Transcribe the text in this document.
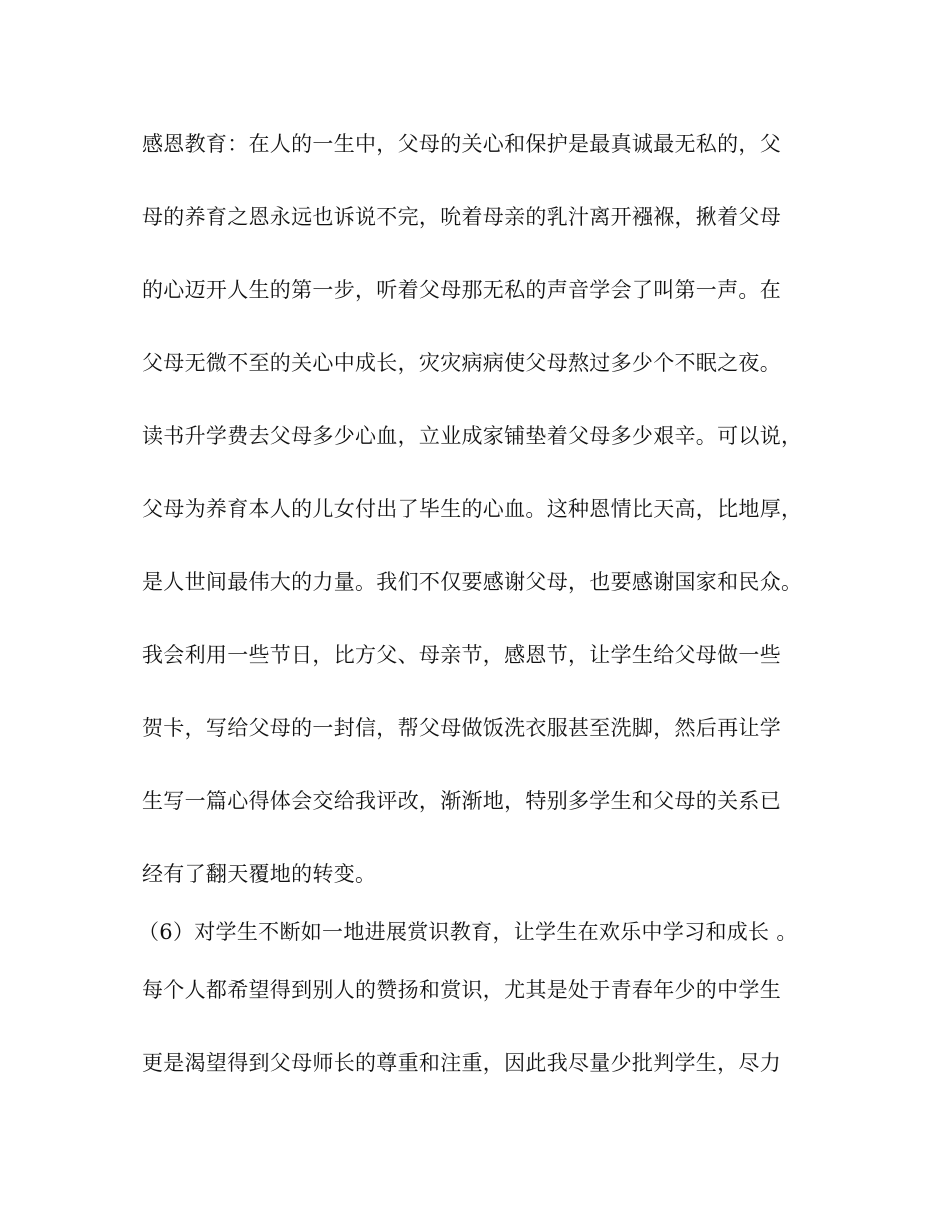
感恩教育：在人的一生中，父母的关心和保护是最真诚最无私的，父
母的养育之恩永远也诉说不完，吮着母亲的乳汁离开襁褓，揪着父母
的心迈开人生的第一步，听着父母那无私的声音学会了叫第一声。在
父母无微不至的关心中成长，灾灾病病使父母熬过多少个不眠之夜。
读书升学费去父母多少心血，立业成家铺垫着父母多少艰辛。可以说，
父母为养育本人的儿女付出了毕生的心血。这种恩情比天高，比地厚，
是人世间最伟大的力量。我们不仅要感谢父母，也要感谢国家和民众。
我会利用一些节日，比方父、母亲节，感恩节，让学生给父母做一些
贺卡，写给父母的一封信，帮父母做饭洗衣服甚至洗脚，然后再让学
生写一篇心得体会交给我评改，渐渐地，特别多学生和父母的关系已
经有了翻天覆地的转变。
（6）对学生不断如一地进展赏识教育，让学生在欢乐中学习和成长 。
每个人都希望得到别人的赞扬和赏识，尤其是处于青春年少的中学生
更是渴望得到父母师长的尊重和注重，因此我尽量少批判学生，尽力
